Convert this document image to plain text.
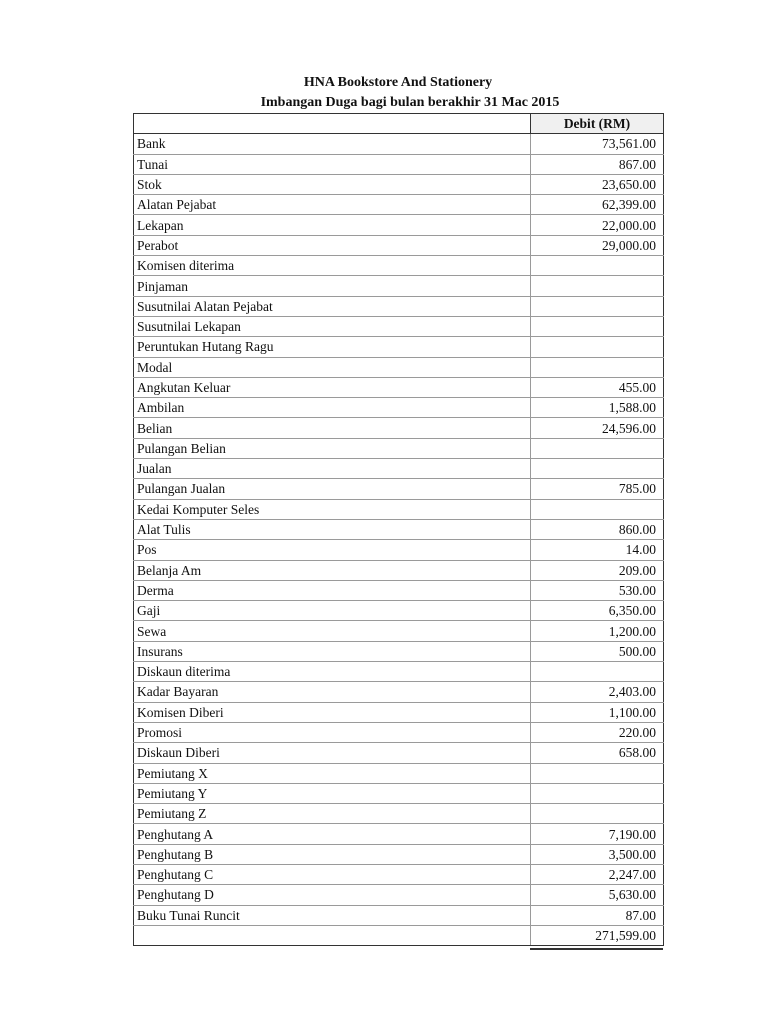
HNA Bookstore And Stationery
Imbangan Duga bagi bulan berakhir 31 Mac 2015
	Debit (RM)
Bank	73,561.00
Tunai	867.00
Stok	23,650.00
Alatan Pejabat	62,399.00
Lekapan	22,000.00
Perabot	29,000.00
Komisen diterima	
Pinjaman	
Susutnilai Alatan Pejabat	
Susutnilai Lekapan	
Peruntukan Hutang Ragu	
Modal	
Angkutan Keluar	455.00
Ambilan	1,588.00
Belian	24,596.00
Pulangan Belian	
Jualan	
Pulangan Jualan	785.00
Kedai Komputer Seles	
Alat Tulis	860.00
Pos	14.00
Belanja Am	209.00
Derma	530.00
Gaji	6,350.00
Sewa	1,200.00
Insurans	500.00
Diskaun diterima	
Kadar Bayaran	2,403.00
Komisen Diberi	1,100.00
Promosi	220.00
Diskaun Diberi	658.00
Pemiutang X	
Pemiutang Y	
Pemiutang Z	
Penghutang A	7,190.00
Penghutang B	3,500.00
Penghutang C	2,247.00
Penghutang D	5,630.00
Buku Tunai Runcit	87.00
	271,599.00
